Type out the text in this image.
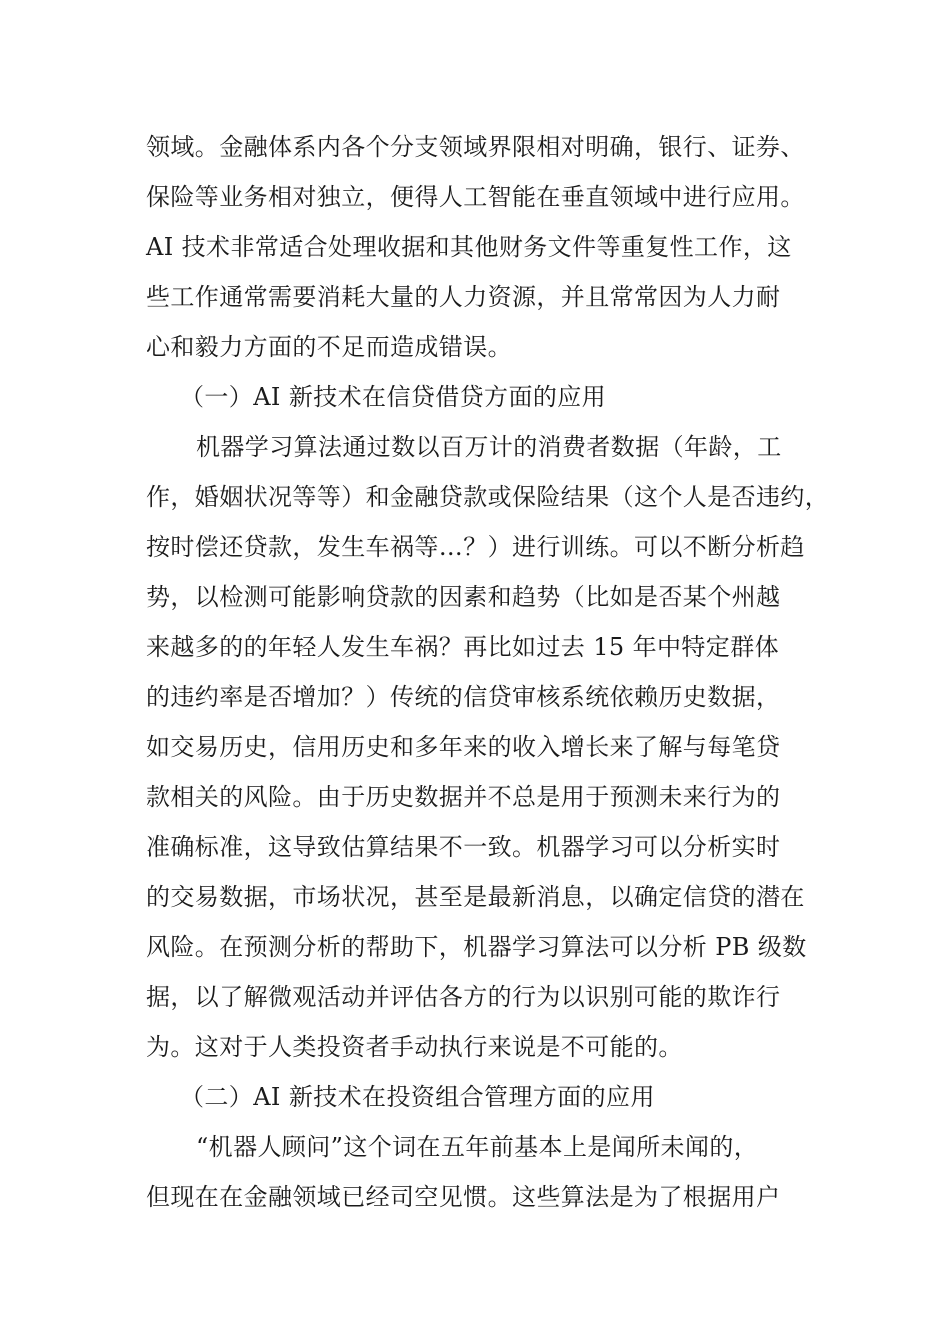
领域。金融体系内各个分支领域界限相对明确，银行、证券、
保险等业务相对独立，便得人工智能在垂直领域中进行应用。
AI 技术非常适合处理收据和其他财务文件等重复性工作，这
些工作通常需要消耗大量的人力资源，并且常常因为人力耐
心和毅力方面的不足而造成错误。
（一）AI 新技术在信贷借贷方面的应用
机器学习算法通过数以百万计的消费者数据（年龄，工
作，婚姻状况等等）和金融贷款或保险结果（这个人是否违约，
按时偿还贷款，发生车祸等…？）进行训练。可以不断分析趋
势，以检测可能影响贷款的因素和趋势（比如是否某个州越
来越多的的年轻人发生车祸？再比如过去 15 年中特定群体
的违约率是否增加？）传统的信贷审核系统依赖历史数据，
如交易历史，信用历史和多年来的收入增长来了解与每笔贷
款相关的风险。由于历史数据并不总是用于预测未来行为的
准确标准，这导致估算结果不一致。机器学习可以分析实时
的交易数据，市场状况，甚至是最新消息，以确定信贷的潜在
风险。在预测分析的帮助下，机器学习算法可以分析 PB 级数
据，以了解微观活动并评估各方的行为以识别可能的欺诈行
为。这对于人类投资者手动执行来说是不可能的。
（二）AI 新技术在投资组合管理方面的应用
“机器人顾问”这个词在五年前基本上是闻所未闻的，
但现在在金融领域已经司空见惯。这些算法是为了根据用户
